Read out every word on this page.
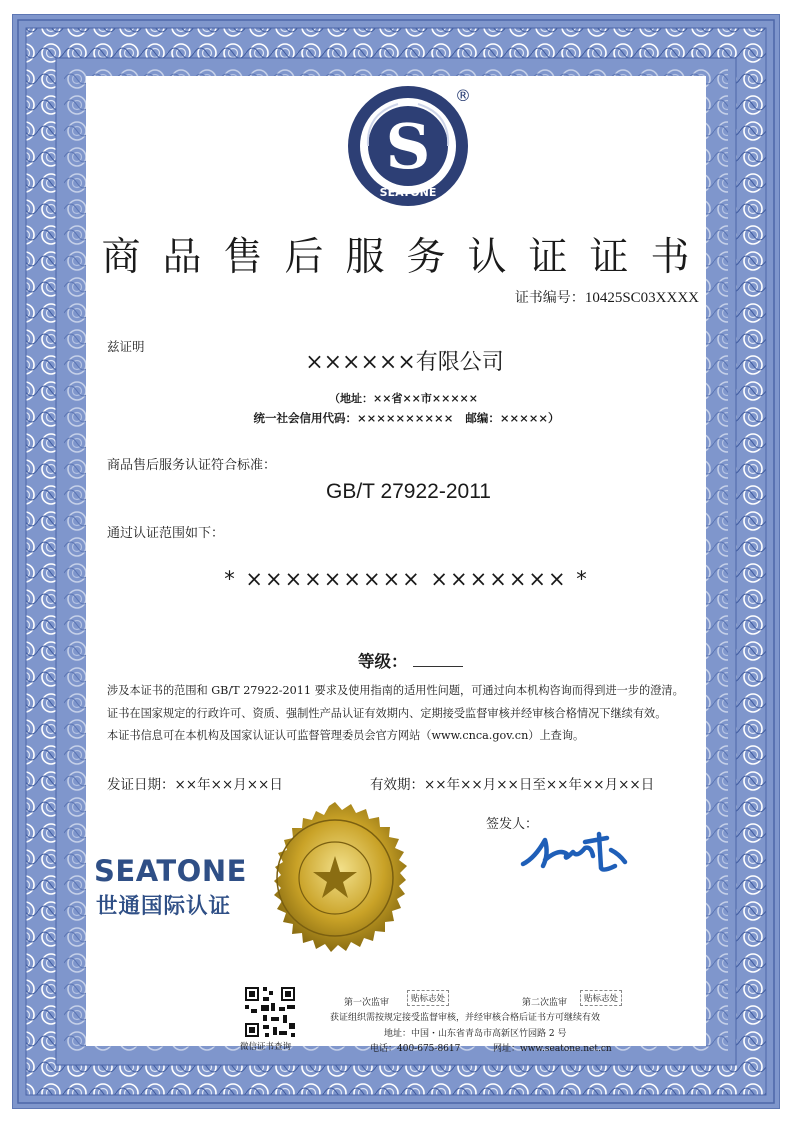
S
SEATONE
®
商品售后服务认证证书
证书编号：10425SC03XXXX
兹证明
××××××有限公司
（地址：××省××市×××××
统一社会信用代码：×××××××××× 邮编：×××××）
商品售后服务认证符合标准：
GB/T 27922-2011
通过认证范围如下：
* ××××××××× ××××××× *
等级：
涉及本证书的范围和 GB/T 27922-2011 要求及使用指南的适用性问题，可通过向本机构咨询而得到进一步的澄清。
证书在国家规定的行政许可、资质、强制性产品认证有效期内、定期接受监督审核并经审核合格情况下继续有效。
本证书信息可在本机构及国家认证认可监督管理委员会官方网站（www.cnca.gov.cn）上查询。
发证日期：××年××月××日	有效期：××年××月××日至××年××月××日
签发人：
SEATONE
世通国际认证
微信证书查询
第一次监审	贴标志处	第二次监审	贴标志处
获证组织需按规定接受监督审核，并经审核合格后证书方可继续有效
地址：中国・山东省青岛市高新区竹园路 2 号
电话：400-675-8617	网址：www.seatone.net.cn
